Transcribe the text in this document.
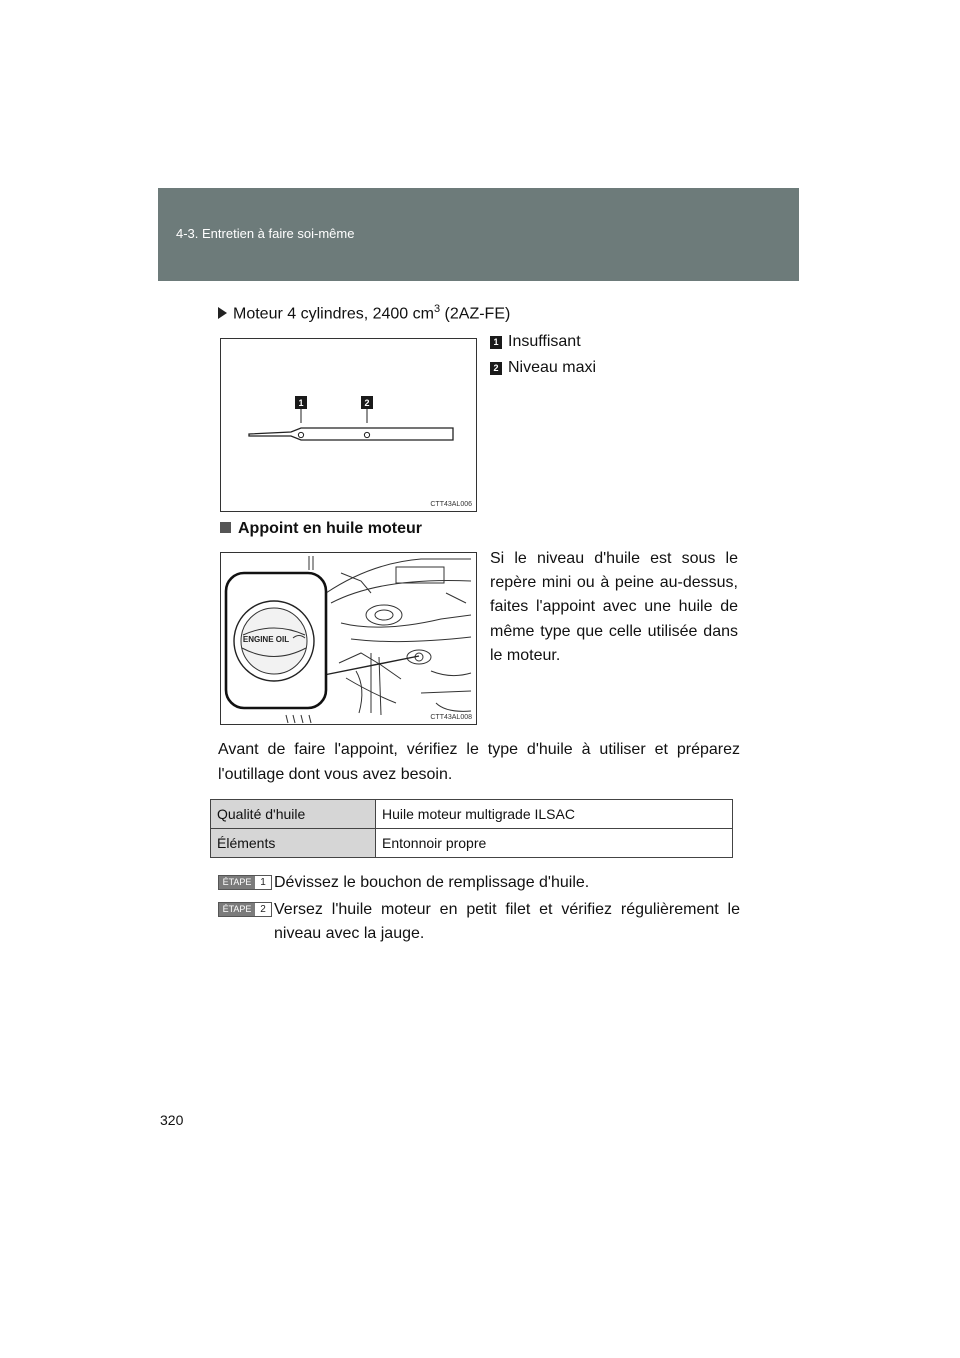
4-3. Entretien à faire soi-même
Moteur 4 cylindres, 2400 $cm^3$ (2AZ-FE)
1	2
CTT43AL006
1 Insuffisant
2 Niveau maxi
Appoint en huile moteur
ENGINE OIL
CTT43AL008
Si le niveau d'huile est sous le repère mini ou à peine au-dessus, faites l'appoint avec une huile de même type que celle utilisée dans le moteur.
Avant de faire l'appoint, vérifiez le type d'huile à utiliser et préparez l'outillage dont vous avez besoin.
Qualité d'huile	Huile moteur multigrade ILSAC
Éléments	Entonnoir propre
ÉTAPE 1 Dévissez le bouchon de remplissage d'huile.
ÉTAPE 2 Versez l'huile moteur en petit filet et vérifiez régulièrement le niveau avec la jauge.
320
